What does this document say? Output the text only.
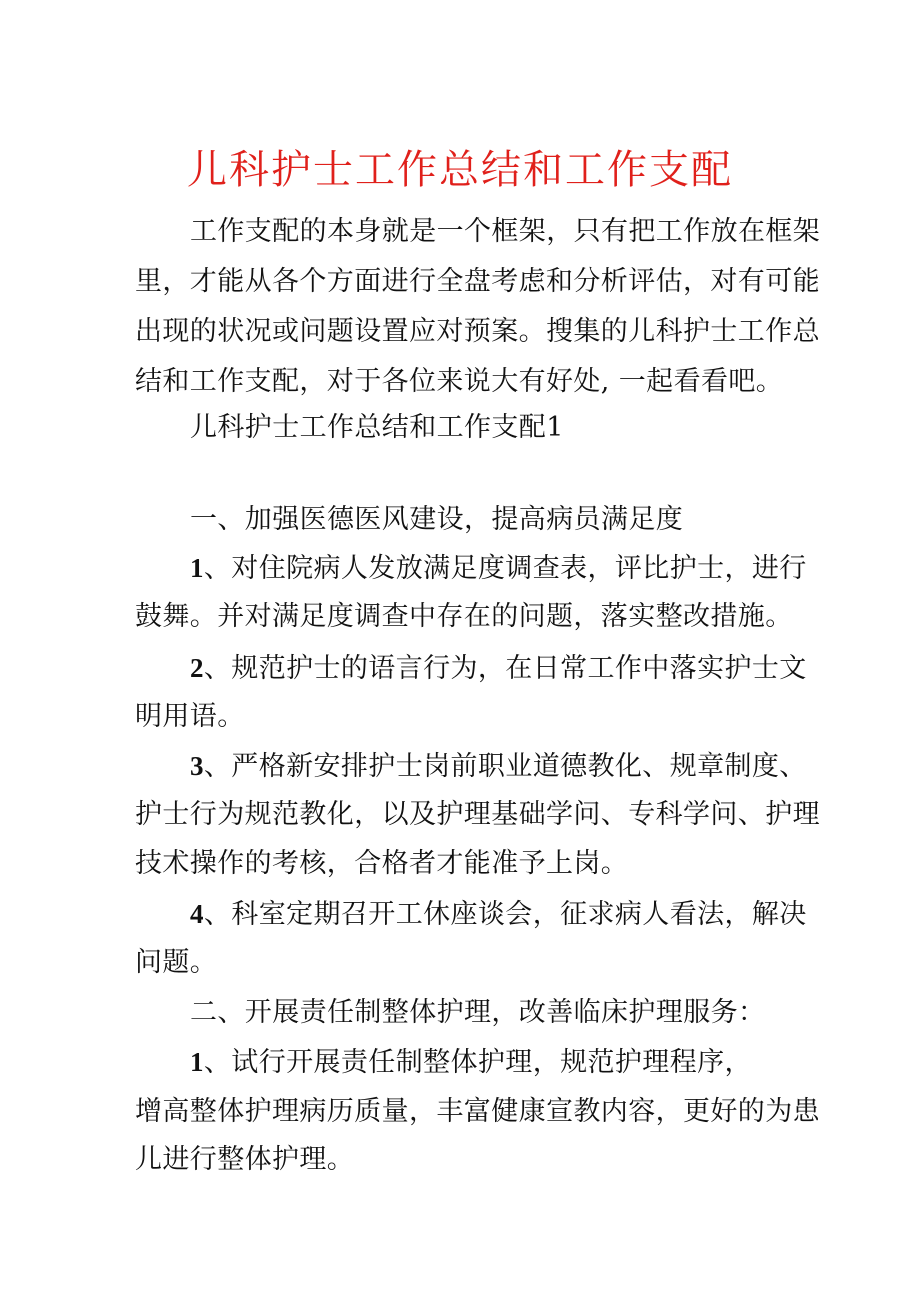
儿科护士工作总结和工作支配
工作支配的本身就是一个框架，只有把工作放在框架
里，才能从各个方面进行全盘考虑和分析评估，对有可能
出现的状况或问题设置应对预案。搜集的儿科护士工作总
结和工作支配，对于各位来说大有好处, 一起看看吧。
儿科护士工作总结和工作支配1
一、加强医德医风建设，提高病员满足度
1、对住院病人发放满足度调查表，评比护士，进行
鼓舞。并对满足度调查中存在的问题，落实整改措施。
2、规范护士的语言行为，在日常工作中落实护士文
明用语。
3、严格新安排护士岗前职业道德教化、规章制度、
护士行为规范教化，以及护理基础学问、专科学问、护理
技术操作的考核，合格者才能准予上岗。
4、科室定期召开工休座谈会，征求病人看法，解决
问题。
二、开展责任制整体护理，改善临床护理服务：
1、试行开展责任制整体护理，规范护理程序，
增高整体护理病历质量，丰富健康宣教内容，更好的为患
儿进行整体护理。
